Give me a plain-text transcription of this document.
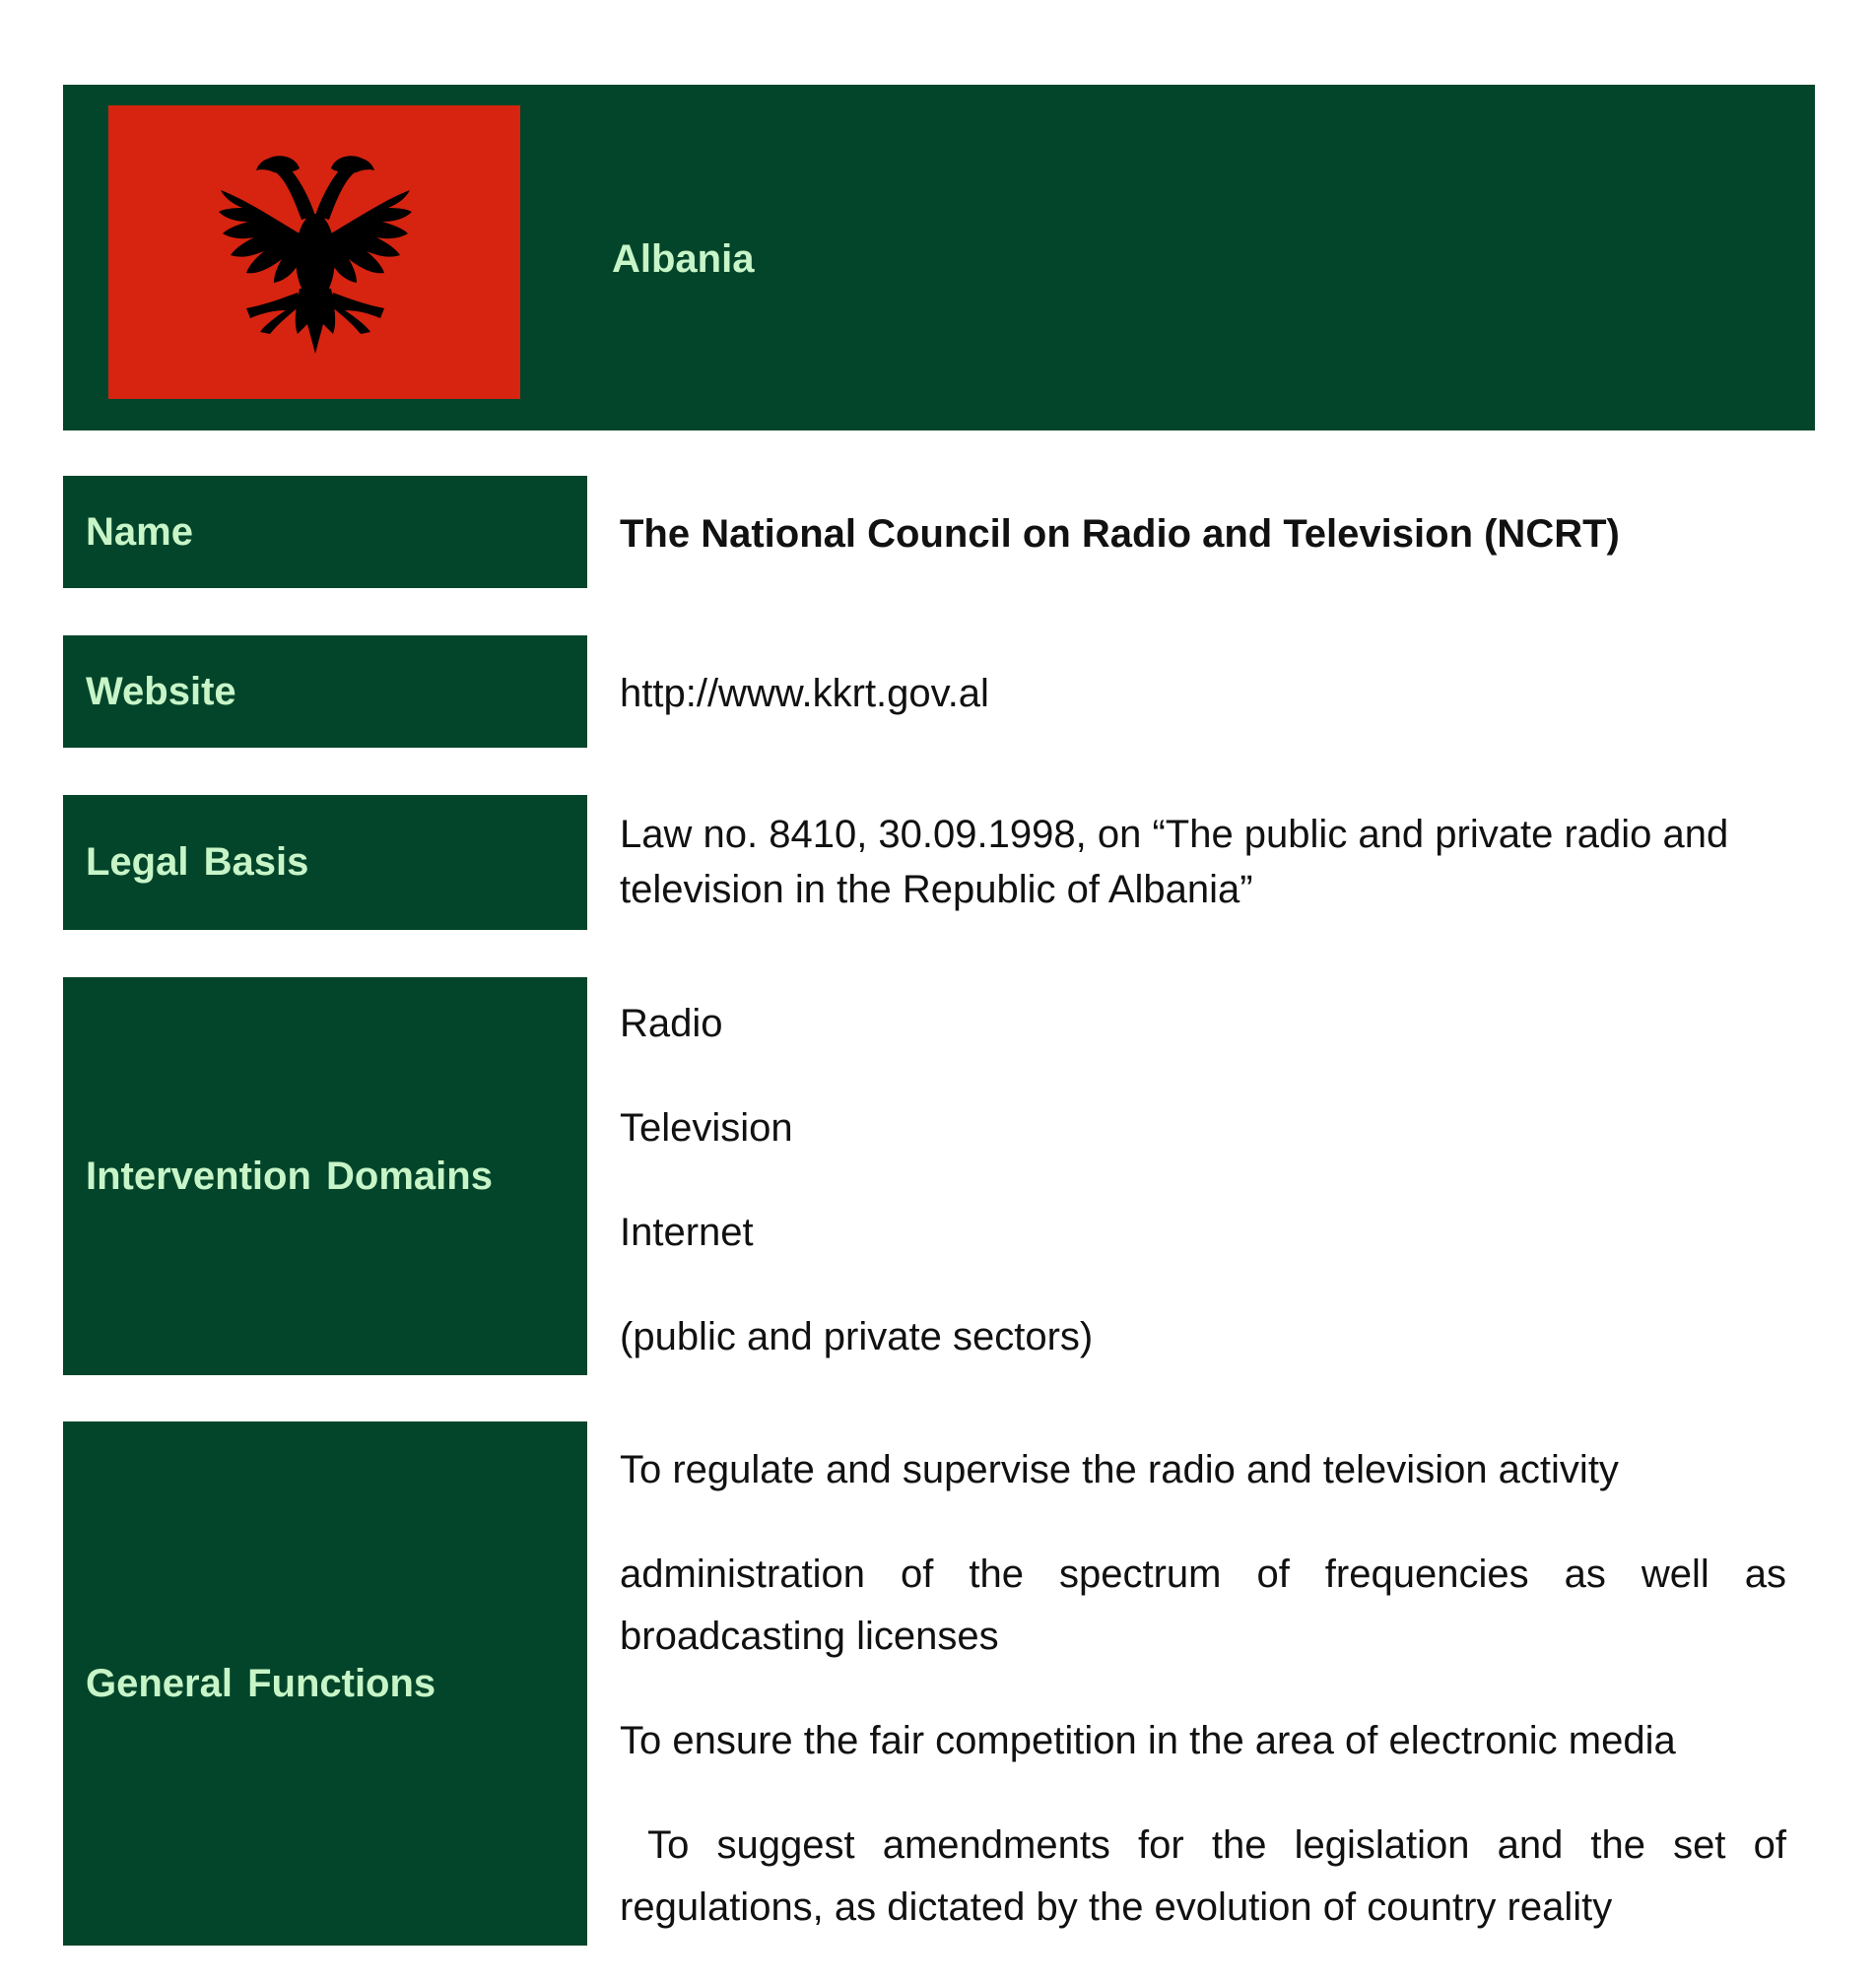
Albania
Name	The National Council on Radio and Television (NCRT)
Website	http://www.kkrt.gov.al
Legal Basis
Law no. 8410, 30.09.1998, on “The public and private radio and television in the Republic of Albania”
Intervention Domains

Radio

Television

Internet

(public and private sectors)

General Functions

To regulate and supervise the radio and television activity

administration of the spectrum of frequencies as well as broadcasting licenses

To ensure the fair competition in the area of electronic media

To suggest amendments for the legislation and the set of regulations, as dictated by the evolution of country reality
